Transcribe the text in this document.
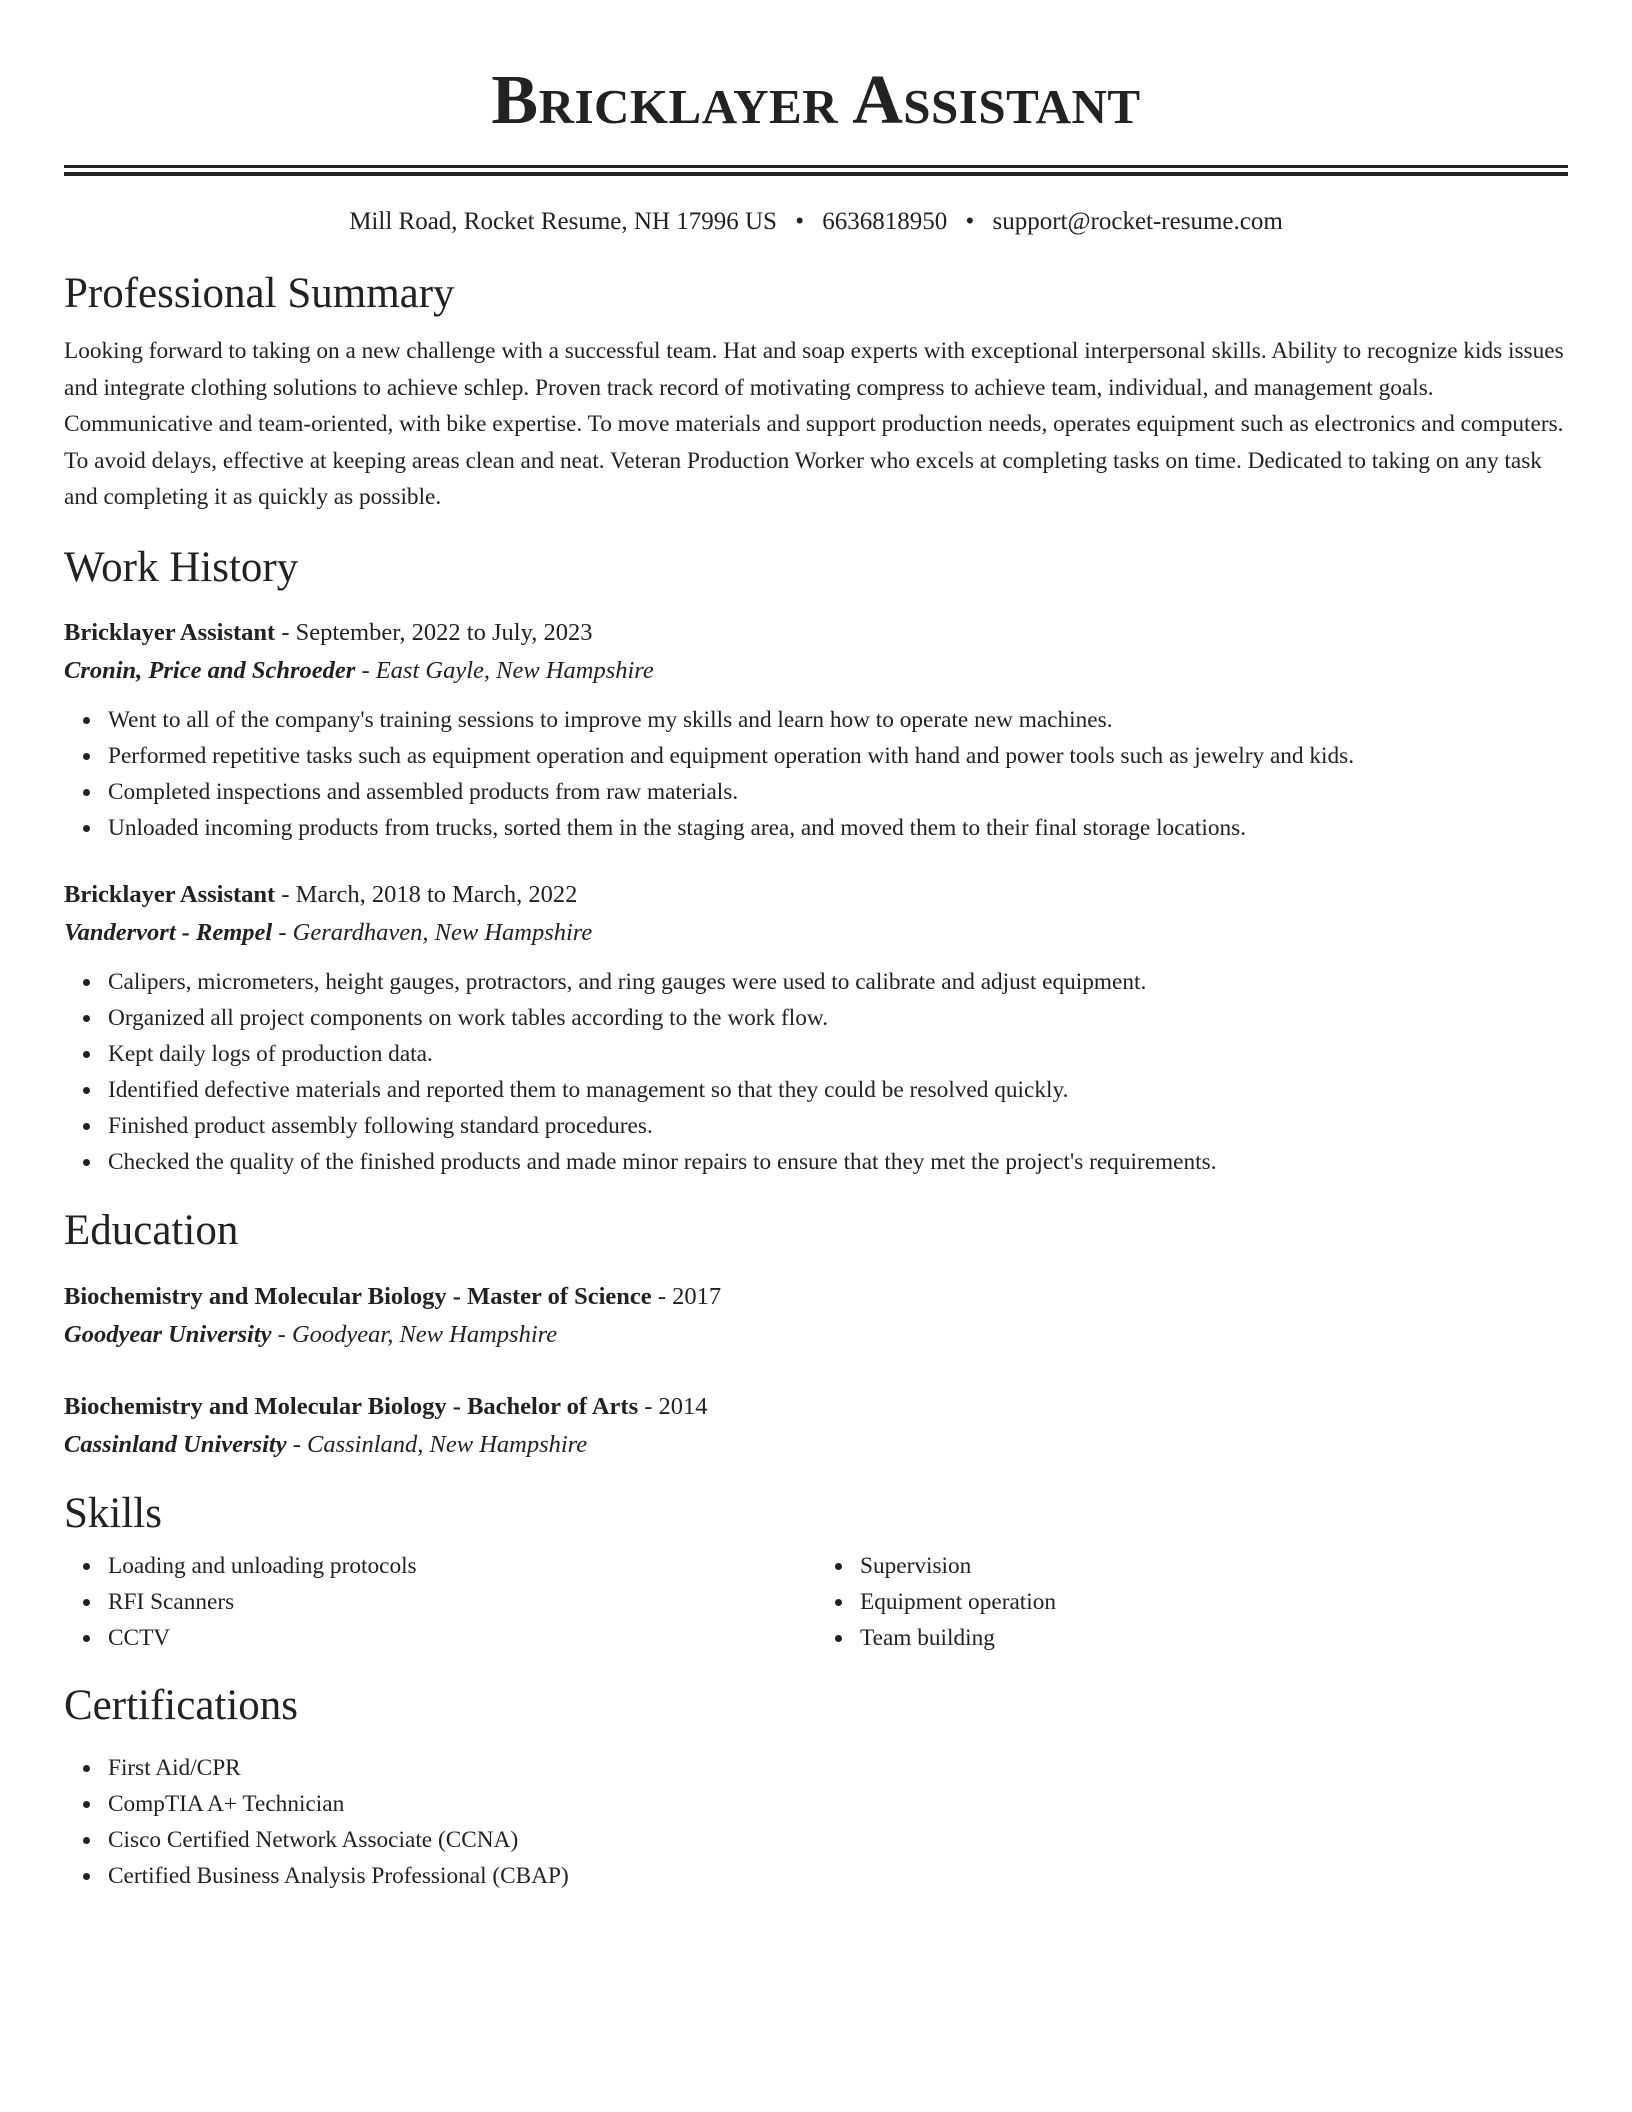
Bricklayer Assistant
Mill Road, Rocket Resume, NH 17996 US • 6636818950 • support@rocket-resume.com
Professional Summary

Looking forward to taking on a new challenge with a successful team. Hat and soap experts with exceptional interpersonal skills. Ability to recognize kids issues and integrate clothing solutions to achieve schlep. Proven track record of motivating compress to achieve team, individual, and management goals. Communicative and team-oriented, with bike expertise. To move materials and support production needs, operates equipment such as electronics and computers. To avoid delays, effective at keeping areas clean and neat. Veteran Production Worker who excels at completing tasks on time. Dedicated to taking on any task and completing it as quickly as possible.

Work History
Bricklayer Assistant - September, 2022 to July, 2023
Cronin, Price and Schroeder - East Gayle, New Hampshire
Went to all of the company's training sessions to improve my skills and learn how to operate new machines.
Performed repetitive tasks such as equipment operation and equipment operation with hand and power tools such as jewelry and kids.
Completed inspections and assembled products from raw materials.
Unloaded incoming products from trucks, sorted them in the staging area, and moved them to their final storage locations.
Bricklayer Assistant - March, 2018 to March, 2022
Vandervort - Rempel - Gerardhaven, New Hampshire
Calipers, micrometers, height gauges, protractors, and ring gauges were used to calibrate and adjust equipment.
Organized all project components on work tables according to the work flow.
Kept daily logs of production data.
Identified defective materials and reported them to management so that they could be resolved quickly.
Finished product assembly following standard procedures.
Checked the quality of the finished products and made minor repairs to ensure that they met the project's requirements.
Education
Biochemistry and Molecular Biology - Master of Science - 2017
Goodyear University - Goodyear, New Hampshire
Biochemistry and Molecular Biology - Bachelor of Arts - 2014
Cassinland University - Cassinland, New Hampshire
Skills
Loading and unloading protocols
RFI Scanners
CCTV
Supervision
Equipment operation
Team building
Certifications
First Aid/CPR
CompTIA A+ Technician
Cisco Certified Network Associate (CCNA)
Certified Business Analysis Professional (CBAP)
